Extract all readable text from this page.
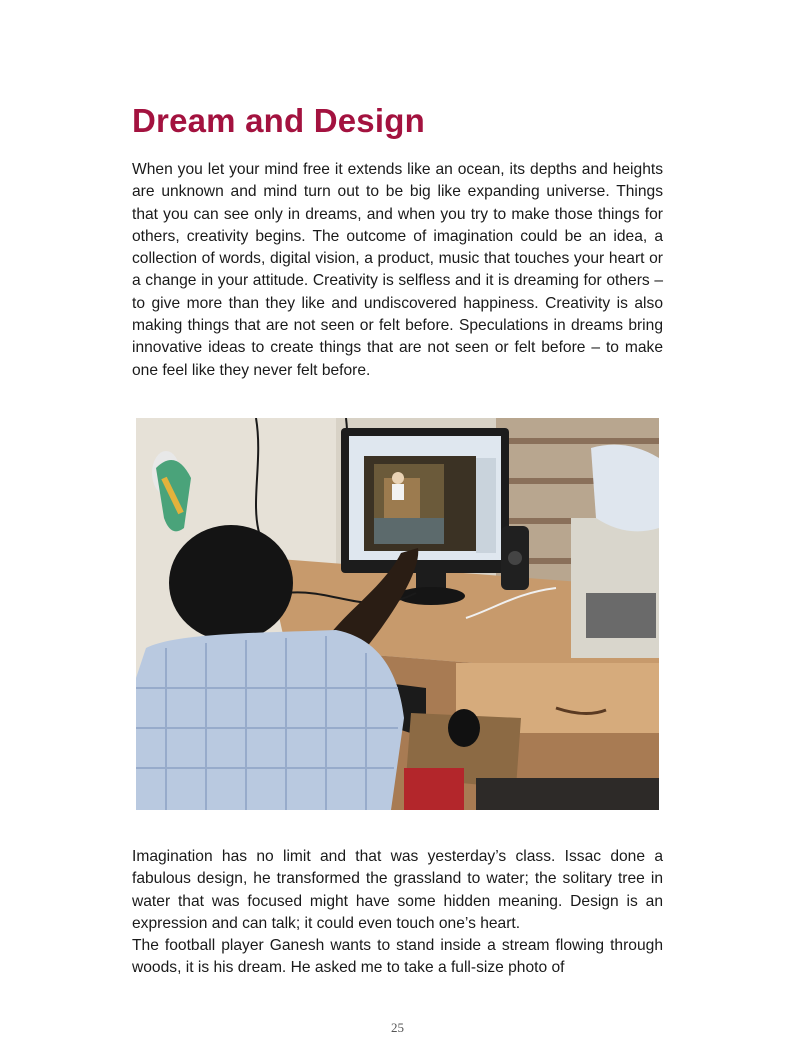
Dream and Design

When you let your mind free it extends like an ocean, its depths and heights are unknown and mind turn out to be big like expanding universe. Things that you can see only in dreams, and when you try to make those things for others, creativity begins. The outcome of imagination could be an idea, a collection of words, digital vision, a product, music that touches your heart or a change in your attitude. Creativity is selfless and it is dreaming for others – to give more than they like and undiscovered happiness. Creativity is also making things that are not seen or felt before. Speculations in dreams bring innovative ideas to create things that are not seen or felt before – to make one feel like they never felt before.

Imagination has no limit and that was yesterday’s class. Issac done a fabulous design, he transformed the grassland to water; the solitary tree in water that was focused might have some hidden meaning. Design is an expression and can talk; it could even touch one’s heart.

The football player Ganesh wants to stand inside a stream flowing through woods, it is his dream. He asked me to take a full-size photo of

25
